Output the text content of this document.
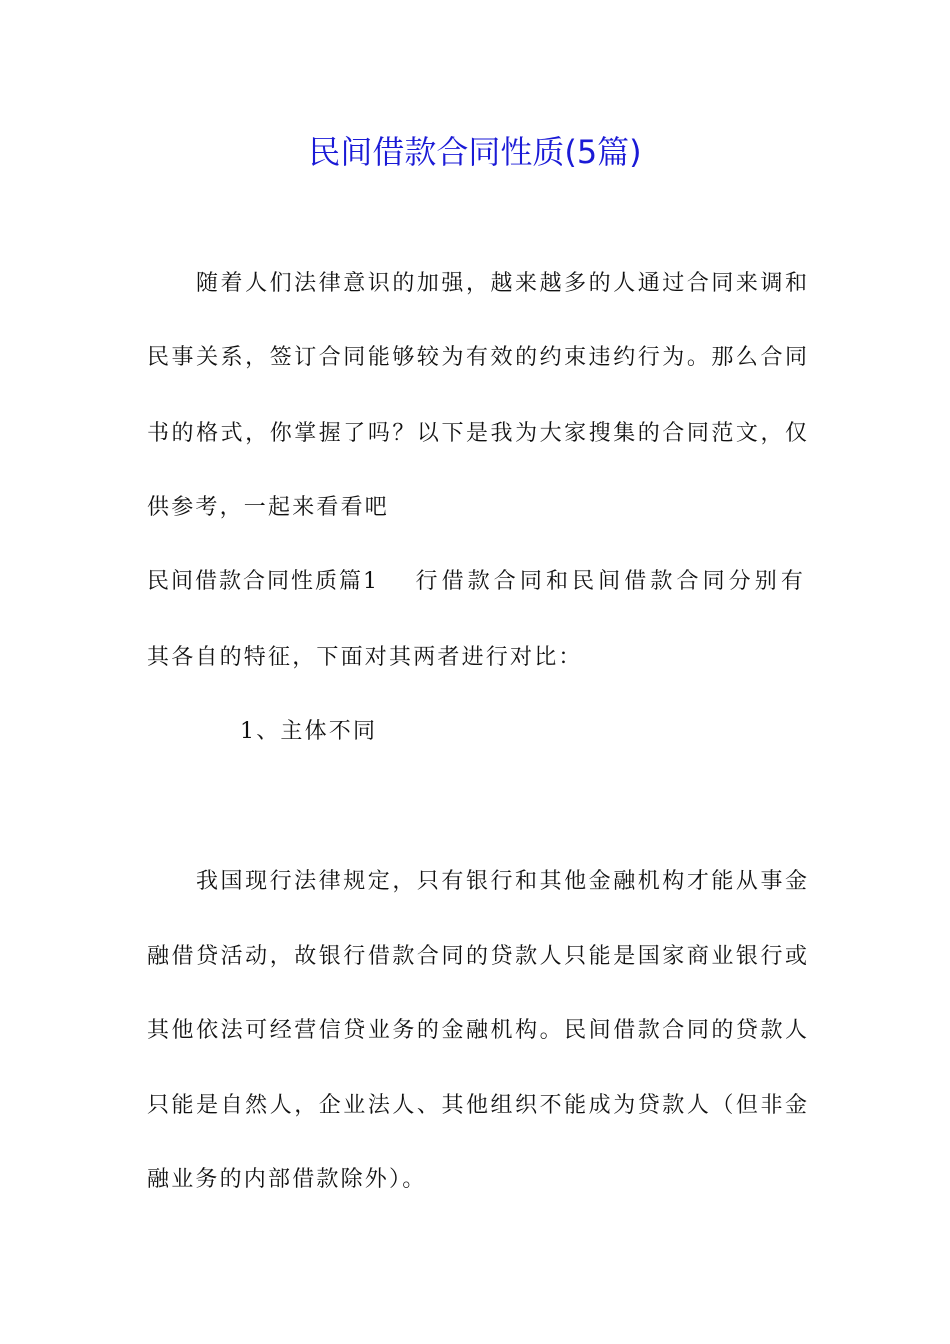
民间借款合同性质(5篇)

随着人们法律意识的加强，越来越多的人通过合同来调和

民事关系，签订合同能够较为有效的约束违约行为。那么合同

书的格式，你掌握了吗？以下是我为大家搜集的合同范文，仅

供参考，一起来看看吧

民间借款合同性质篇1 行借款合同和民间借款合同分别有

其各自的特征，下面对其两者进行对比：

1、主体不同

我国现行法律规定，只有银行和其他金融机构才能从事金

融借贷活动，故银行借款合同的贷款人只能是国家商业银行或

其他依法可经营信贷业务的金融机构。民间借款合同的贷款人

只能是自然人，企业法人、其他组织不能成为贷款人（但非金

融业务的内部借款除外）。
